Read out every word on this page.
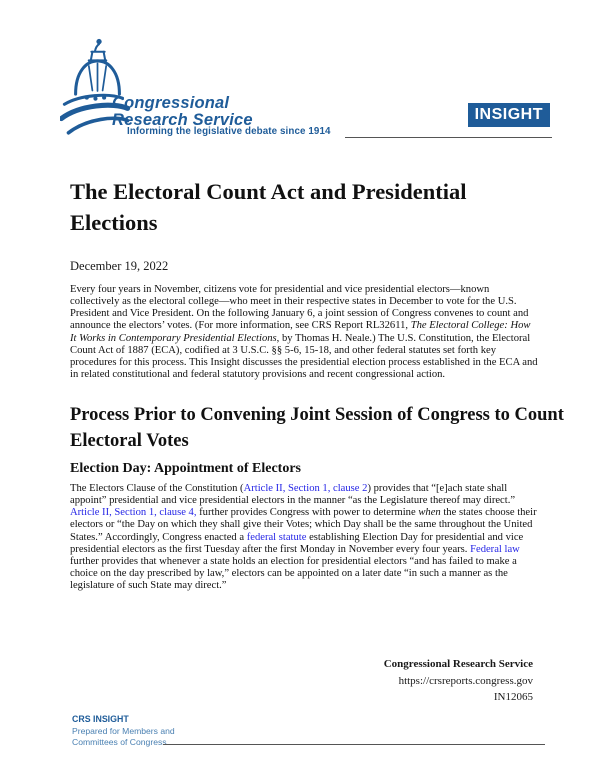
Congressional
Research Service
Informing the legislative debate since 1914
INSIGHT
The Electoral Count Act and Presidential Elections
December 19, 2022

Every four years in November, citizens vote for presidential and vice presidential electors—known collectively as the electoral college—who meet in their respective states in December to vote for the U.S. President and Vice President. On the following January 6, a joint session of Congress convenes to count and announce the electors’ votes. (For more information, see CRS Report RL32611, The Electoral College: How It Works in Contemporary Presidential Elections, by Thomas H. Neale.) The U.S. Constitution, the Electoral Count Act of 1887 (ECA), codified at 3 U.S.C. §§ 5-6, 15-18, and other federal statutes set forth key procedures for this process. This Insight discusses the presidential election process established in the ECA and in related constitutional and federal statutory provisions and recent congressional action.

Process Prior to Convening Joint Session of Congress to Count Electoral Votes
Election Day: Appointment of Electors

The Electors Clause of the Constitution (Article II, Section 1, clause 2) provides that “[e]ach state shall appoint” presidential and vice presidential electors in the manner “as the Legislature thereof may direct.” Article II, Section 1, clause 4, further provides Congress with power to determine when the states choose their electors or “the Day on which they shall give their Votes; which Day shall be the same throughout the United States.” Accordingly, Congress enacted a federal statute establishing Election Day for presidential and vice presidential electors as the first Tuesday after the first Monday in November every four years. Federal law further provides that whenever a state holds an election for presidential electors “and has failed to make a choice on the day prescribed by law,” electors can be appointed on a later date “in such a manner as the legislature of such State may direct.”

Congressional Research Service
https://crsreports.congress.gov
IN12065
CRS INSIGHT
Prepared for Members and
Committees of Congress
